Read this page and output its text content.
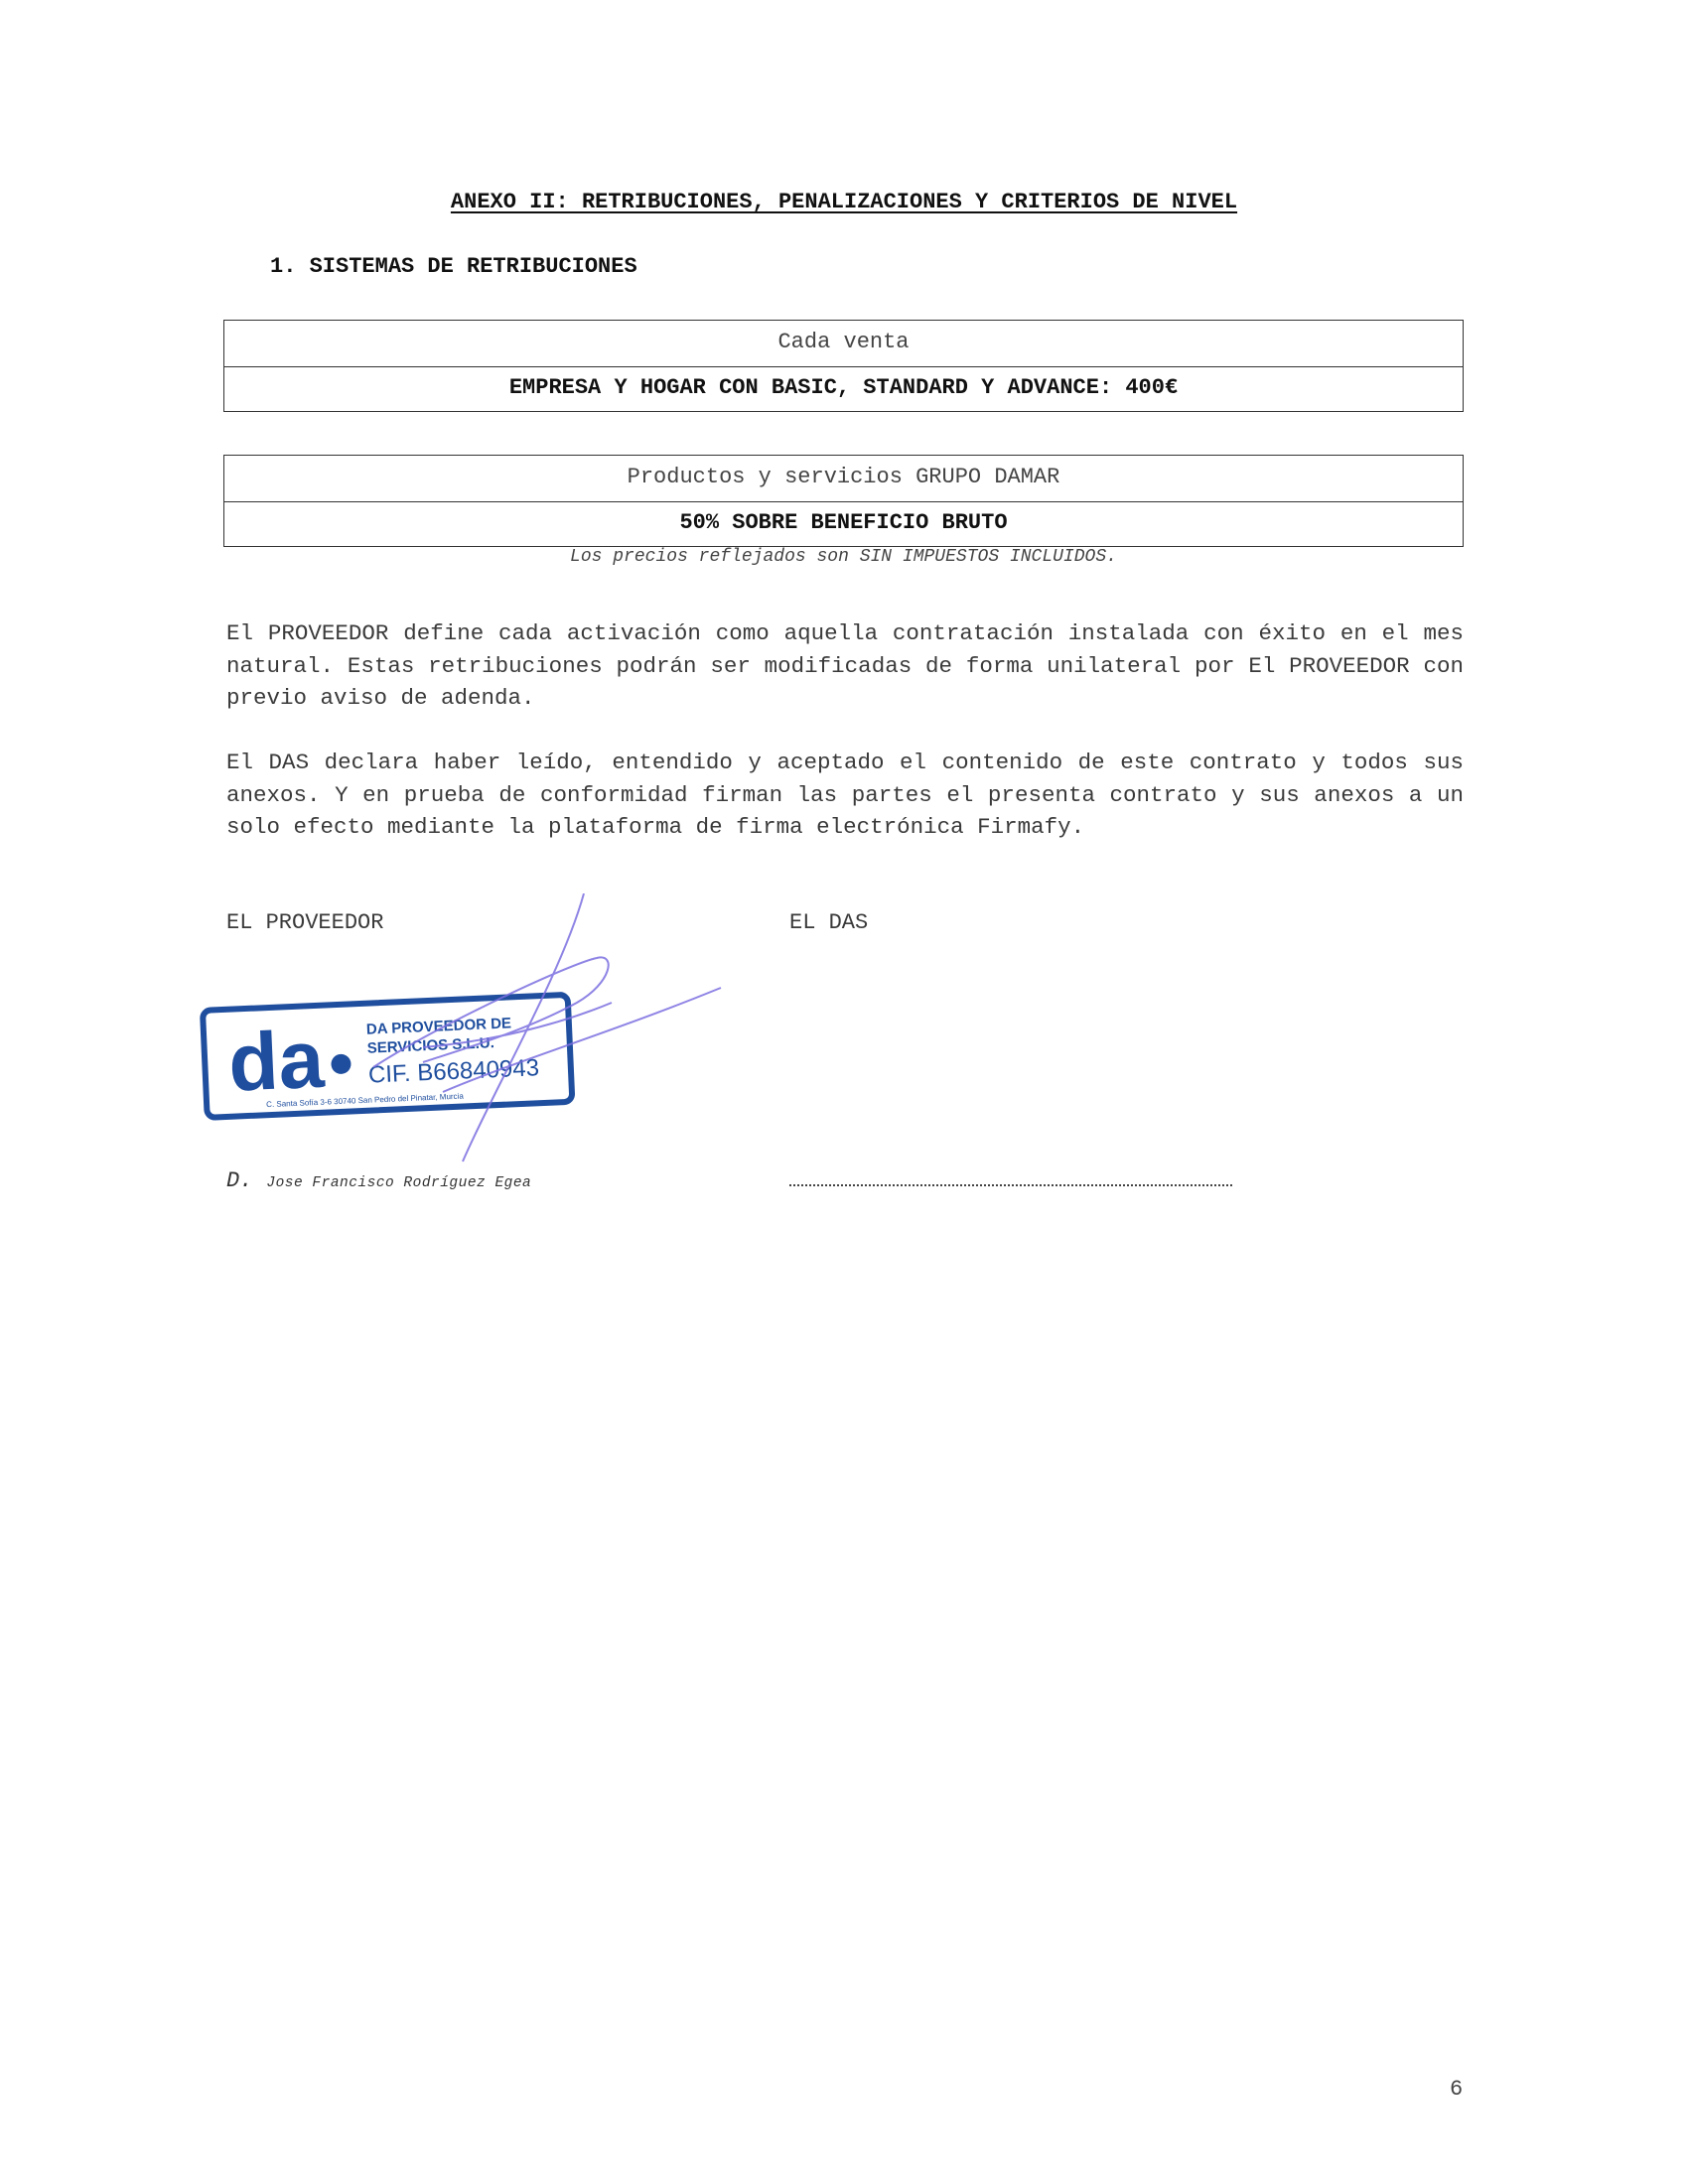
ANEXO II: RETRIBUCIONES, PENALIZACIONES Y CRITERIOS DE NIVEL
1. SISTEMAS DE RETRIBUCIONES
Cada venta
EMPRESA Y HOGAR CON BASIC, STANDARD Y ADVANCE: 400€
Productos y servicios GRUPO DAMAR
50% SOBRE BENEFICIO BRUTO
Los precios reflejados son SIN IMPUESTOS INCLUIDOS.
El PROVEEDOR define cada activación como aquella contratación instalada con éxito en el mes natural. Estas retribuciones podrán ser modificadas de forma unilateral por El PROVEEDOR con previo aviso de adenda.
El DAS declara haber leído, entendido y aceptado el contenido de este contrato y todos sus anexos. Y en prueba de conformidad firman las partes el presenta contrato y sus anexos a un solo efecto mediante la plataforma de firma electrónica Firmafy.
EL PROVEEDOR	EL DAS
da	DA PROVEEDOR DE
SERVICIOS S.L.U.
CIF. B66840943
C. Santa Sofía 3-6 30740 San Pedro del Pinatar, Murcia
D. Jose Francisco Rodríguez Egea
6
